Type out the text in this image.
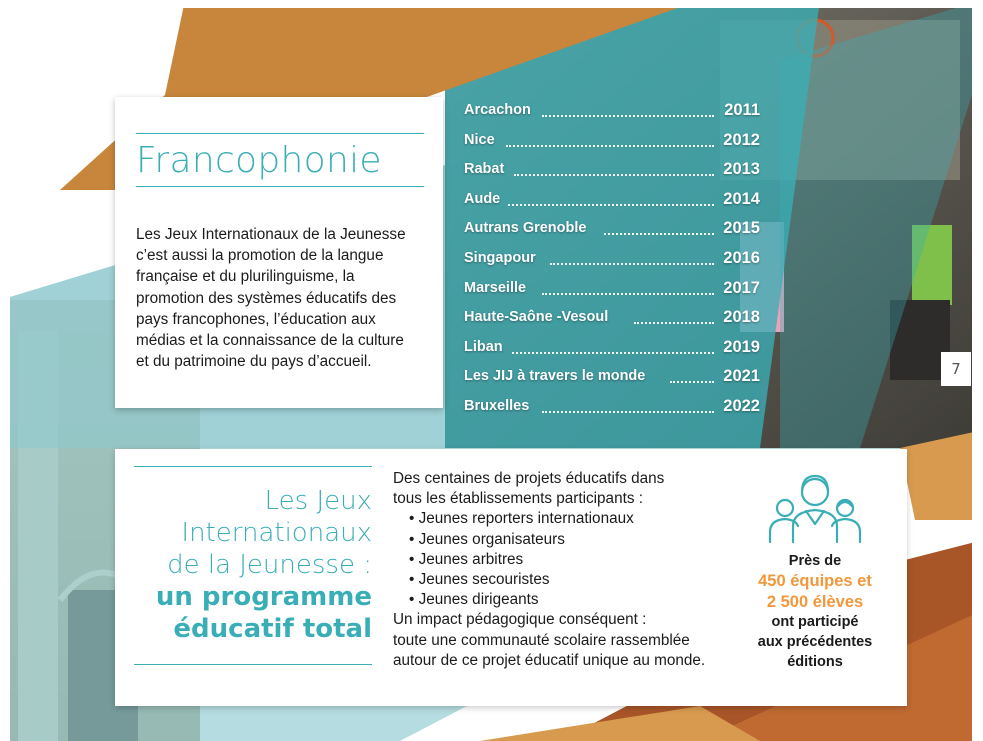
Francophonie
Les Jeux Internationaux de la Jeunesse
c’est aussi la promotion de la langue
française et du plurilinguisme, la
promotion des systèmes éducatifs des
pays francophones, l’éducation aux
médias et la connaissance de la culture
et du patrimoine du pays d’accueil.
Arcachon	2011
Nice	2012
Rabat	2013
Aude	2014
Autrans Grenoble	2015
Singapour	2016
Marseille	2017
Haute-Saône -Vesoul	2018
Liban	2019
Les JIJ à travers le monde	2021
Bruxelles	2022
7
Les Jeux
Internationaux
de la Jeunesse :
un programme
éducatif total
Des centaines de projets éducatifs dans
tous les établissements participants :
• Jeunes reporters internationaux
• Jeunes organisateurs
• Jeunes arbitres
• Jeunes secouristes
• Jeunes dirigeants
Un impact pédagogique conséquent :
toute une communauté scolaire rassemblée
autour de ce projet éducatif unique au monde.
Près de
450 équipes et
2 500 élèves
ont participé
aux précédentes
éditions
